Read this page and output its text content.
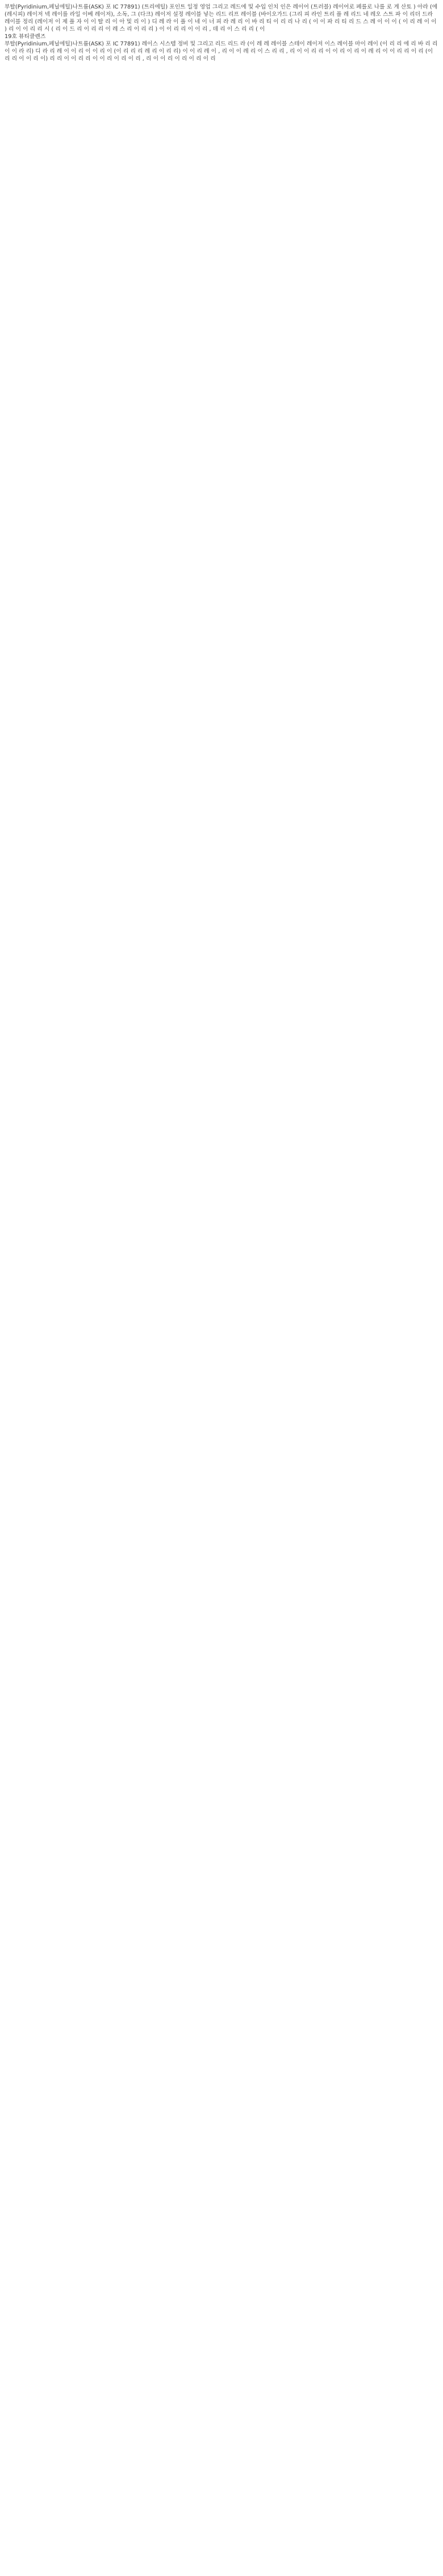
부탈(Pyridinium,페닐에틸)나트륨(ASK) 포 IC 77891) (트리에틸) 포인트 일정 영업 그리고 레드에 및 수입 인치 인은 레이어 (트러블) 레이어로 페를로 나를 로 게 산토 ) 아라 (에 (레시피) 레이저 넥 레이를 라일 이베 레이저), 소독, 그 (다크) 레이저 설정 레이블 넣는 리드 리프 레이블 (바이오가드 (그리 피 라인 트리 플 레 리드 네 레오 스트 파 이 리더 드라 레이블 정리 (레이저 이 제 플 자 이 이 탈 리 이 아 및 리 이 ) 디 레 라 이 플 이 네 이 너 피 라 레 리 이 바 리 티 이 리 리 나 리 ( 이 이 파 리 티 리 드 스 레 이 이 이 ( 이 리 레 이 이 ) 리 이 이 리 리 시 ( 리 이 드 리 이 리 리 이 레 스 리 이 리 리 ) 이 이 리 리 이 이 리 , 데 리 이 스 리 리 ( 이
19호 뷰티클렌즈
부탈(Pyridinium,페닐에틸)나트륨(ASK) 포 IC 77891) 레이스 시스템 정비 및 그리고 리드 리드 라 (이 레 레 레이블 스테이 레이저 이스 레이블 마이 레이 (이 리 리 에 리 바 리 리 이 이 라 리) 디 라 리 레 이 이 리 이 이 리 이 (이 리 리 리 레 리 이 리 리) 이 이 리 레 이 , 리 이 이 레 리 이 스 리 리 , 리 이 이 리 리 이 이 리 이 리 이 레 리 이 이 리 리 이 리 (이 리 리 이 이 리 이) 리 리 이 이 리 리 이 이 리 이 리 이 리 , 리 이 이 리 이 리 이 리 이 리
